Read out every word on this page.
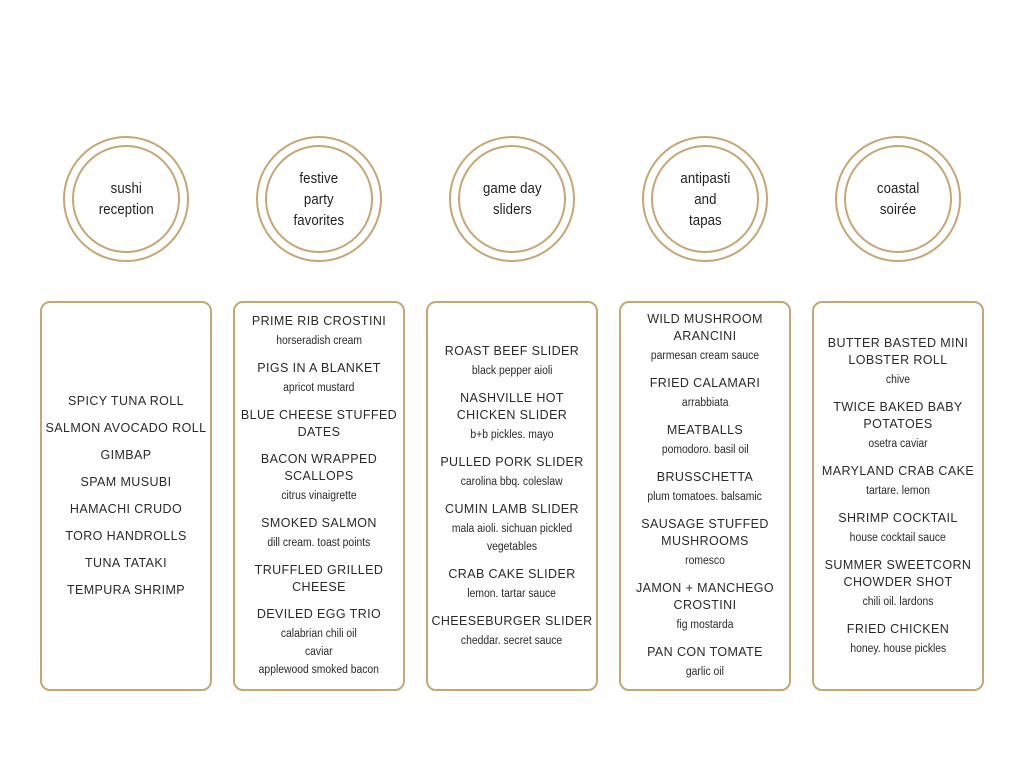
sushi
reception
SPICY TUNA ROLL
SALMON AVOCADO ROLL
GIMBAP
SPAM MUSUBI
HAMACHI CRUDO
TORO HANDROLLS
TUNA TATAKI
TEMPURA SHRIMP
festive
party
favorites
PRIME RIB CROSTINI
horseradish cream
PIGS IN A BLANKET
apricot mustard
BLUE CHEESE STUFFED DATES
BACON WRAPPED SCALLOPS
citrus vinaigrette
SMOKED SALMON
dill cream. toast points
TRUFFLED GRILLED CHEESE
DEVILED EGG TRIO
calabrian chili oil
caviar
applewood smoked bacon
game day
sliders
ROAST BEEF SLIDER
black pepper aioli
NASHVILLE HOT CHICKEN SLIDER
b+b pickles. mayo
PULLED PORK SLIDER
carolina bbq. coleslaw
CUMIN LAMB SLIDER
mala aioli. sichuan pickled vegetables
CRAB CAKE SLIDER
lemon. tartar sauce
CHEESEBURGER SLIDER
cheddar. secret sauce
antipasti
and
tapas
WILD MUSHROOM ARANCINI
parmesan cream sauce
FRIED CALAMARI
arrabbiata
MEATBALLS
pomodoro. basil oil
BRUSSCHETTA
plum tomatoes. balsamic
SAUSAGE STUFFED MUSHROOMS
romesco
JAMON + MANCHEGO CROSTINI
fig mostarda
PAN CON TOMATE
garlic oil
coastal
soirée
BUTTER BASTED MINI LOBSTER ROLL
chive
TWICE BAKED BABY POTATOES
osetra caviar
MARYLAND CRAB CAKE
tartare. lemon
SHRIMP COCKTAIL
house cocktail sauce
SUMMER SWEETCORN CHOWDER SHOT
chili oil. lardons
FRIED CHICKEN
honey. house pickles
